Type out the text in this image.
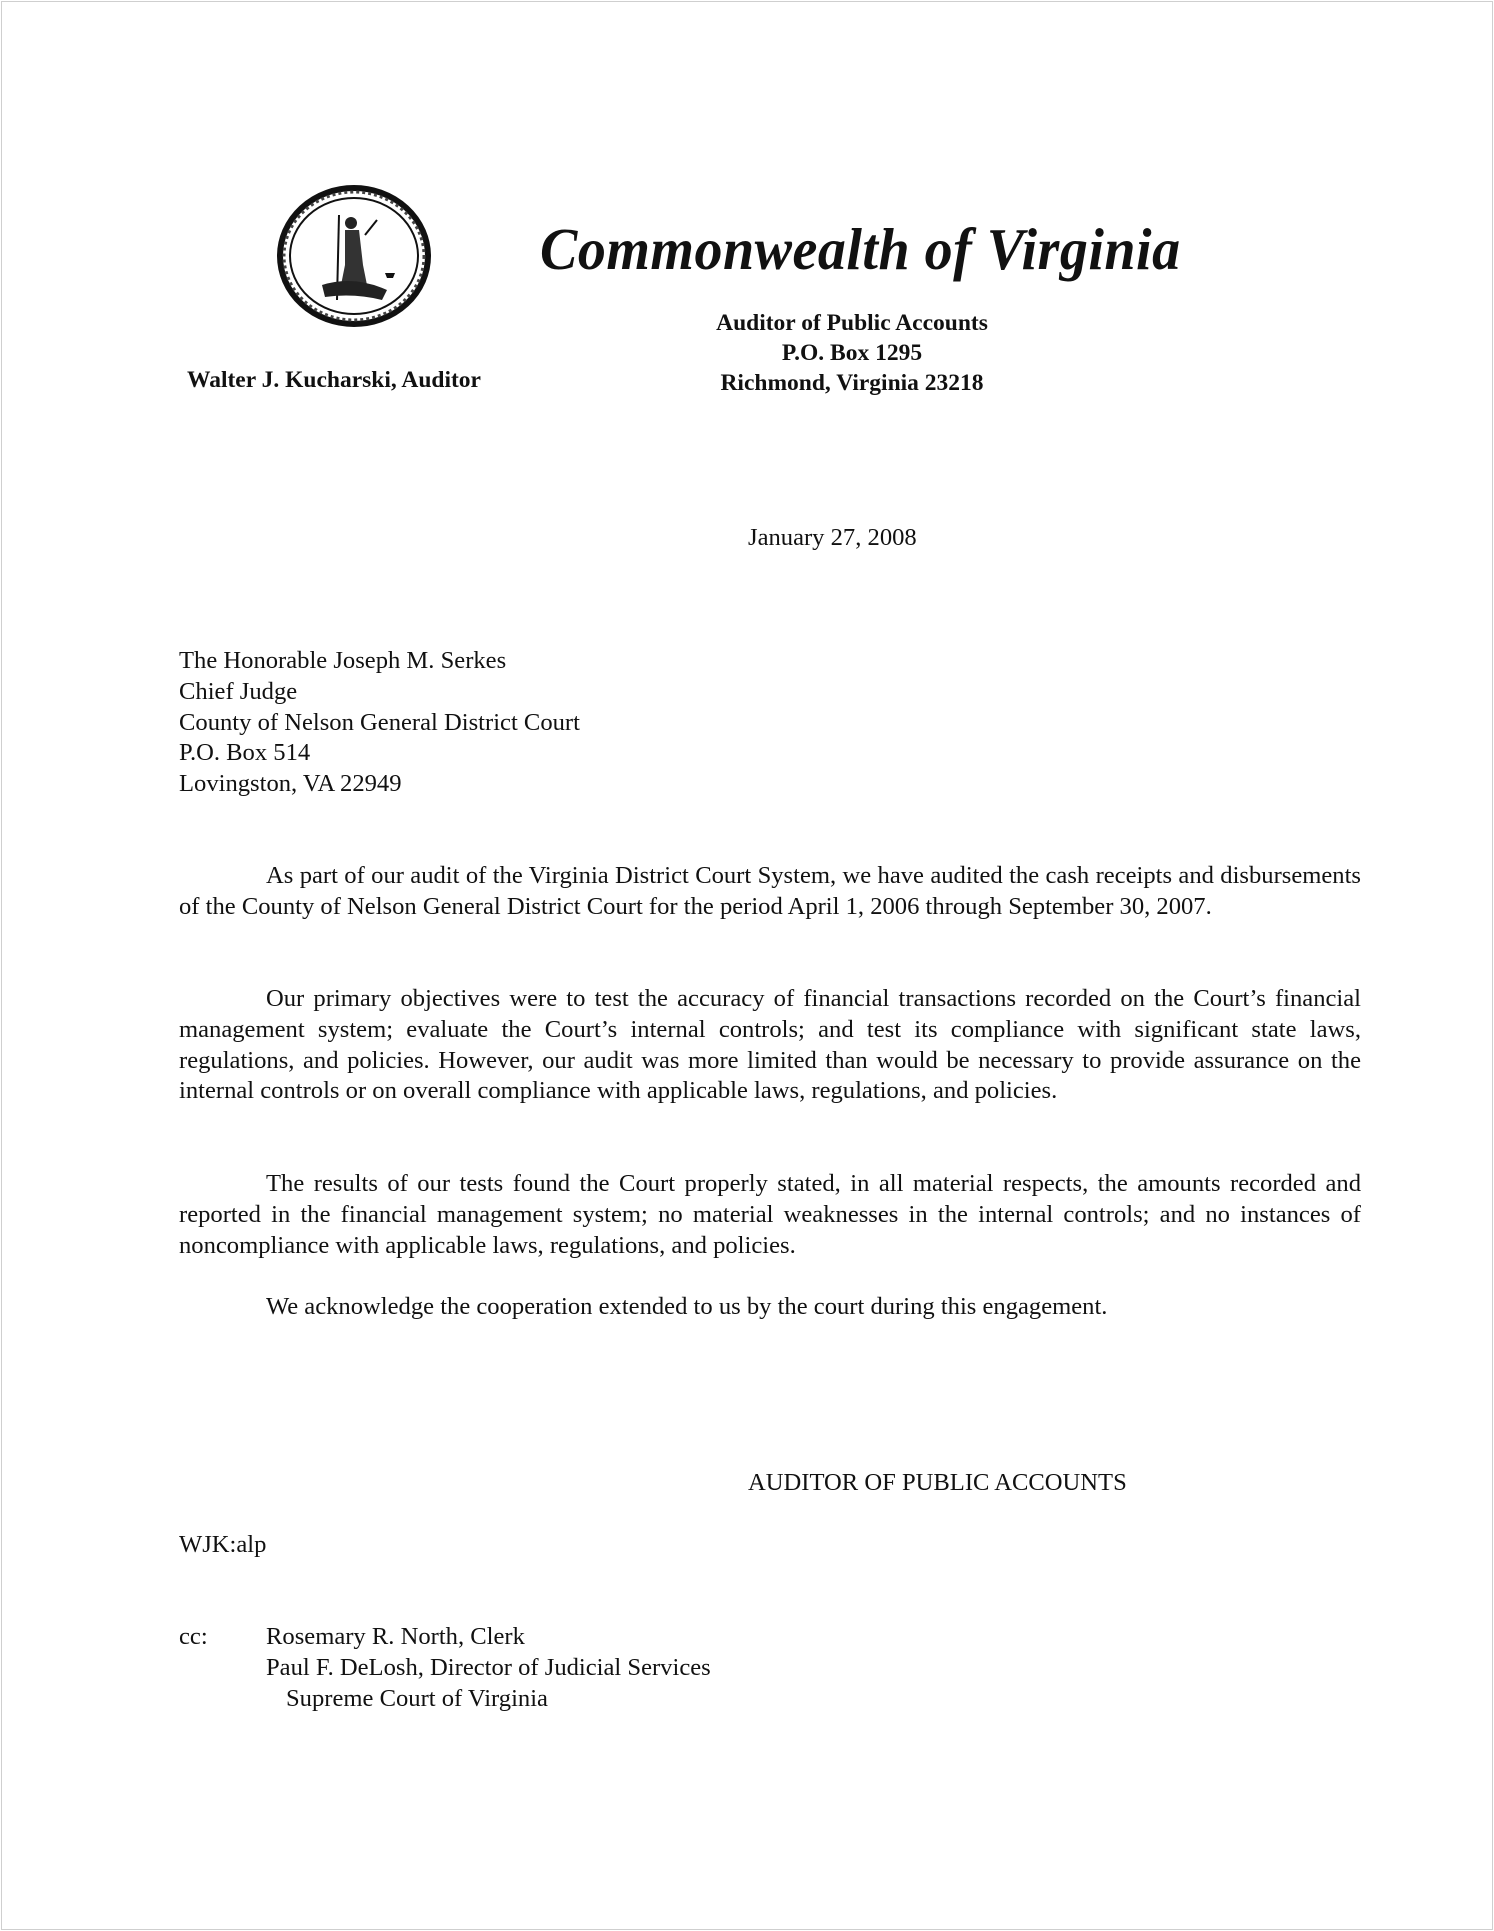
Commonwealth of Virginia
Auditor of Public Accounts
P.O. Box 1295
Richmond, Virginia 23218
Walter J. Kucharski, Auditor
January 27, 2008
The Honorable Joseph M. Serkes
Chief Judge
County of Nelson General District Court
P.O. Box 514
Lovingston, VA 22949

As part of our audit of the Virginia District Court System, we have audited the cash receipts and disbursements of the County of Nelson General District Court for the period April 1, 2006 through September 30, 2007.

Our primary objectives were to test the accuracy of financial transactions recorded on the Court’s financial management system; evaluate the Court’s internal controls; and test its compliance with significant state laws, regulations, and policies. However, our audit was more limited than would be necessary to provide assurance on the internal controls or on overall compliance with applicable laws, regulations, and policies.

The results of our tests found the Court properly stated, in all material respects, the amounts recorded and reported in the financial management system; no material weaknesses in the internal controls; and no instances of noncompliance with applicable laws, regulations, and policies.

We acknowledge the cooperation extended to us by the court during this engagement.

AUDITOR OF PUBLIC ACCOUNTS
WJK:alp
cc: Rosemary R. North, Clerk
Paul F. DeLosh, Director of Judicial Services
Supreme Court of Virginia
